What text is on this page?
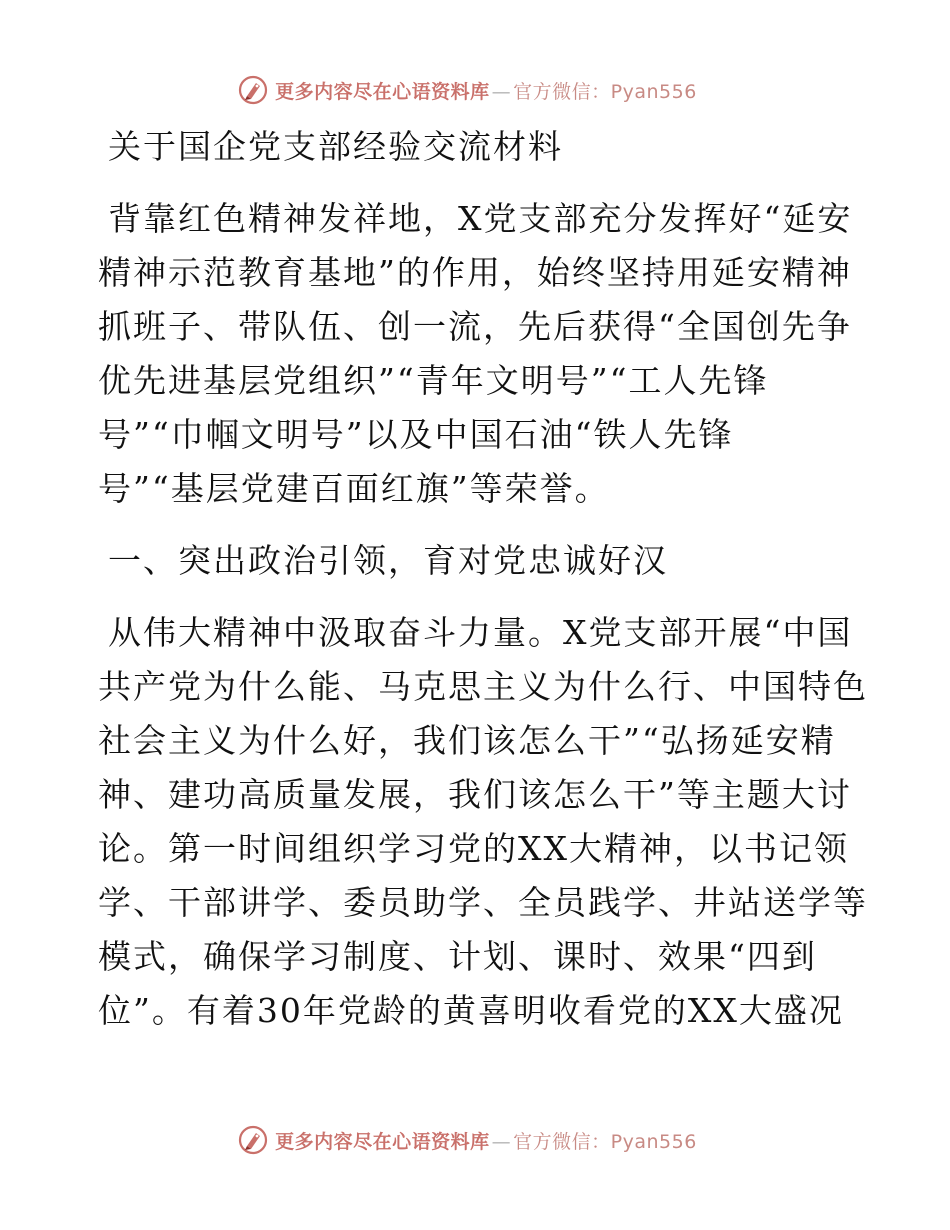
更多内容尽在心语资料库 — 官方微信：Pyan556
关于国企党支部经验交流材料
背靠红色精神发祥地，X党支部充分发挥好“延安
精神示范教育基地”的作用，始终坚持用延安精神
抓班子、带队伍、创一流，先后获得“全国创先争
优先进基层党组织”“青年文明号”“工人先锋
号”“巾帼文明号”以及中国石油“铁人先锋
号”“基层党建百面红旗”等荣誉。
一、突出政治引领，育对党忠诚好汉
从伟大精神中汲取奋斗力量。X党支部开展“中国
共产党为什么能、马克思主义为什么行、中国特色
社会主义为什么好，我们该怎么干”“弘扬延安精
神、建功高质量发展，我们该怎么干”等主题大讨
论。第一时间组织学习党的XX大精神，以书记领
学、干部讲学、委员助学、全员践学、井站送学等
模式，确保学习制度、计划、课时、效果“四到
位”。有着30年党龄的黄喜明收看党的XX大盛况
更多内容尽在心语资料库 — 官方微信：Pyan556
